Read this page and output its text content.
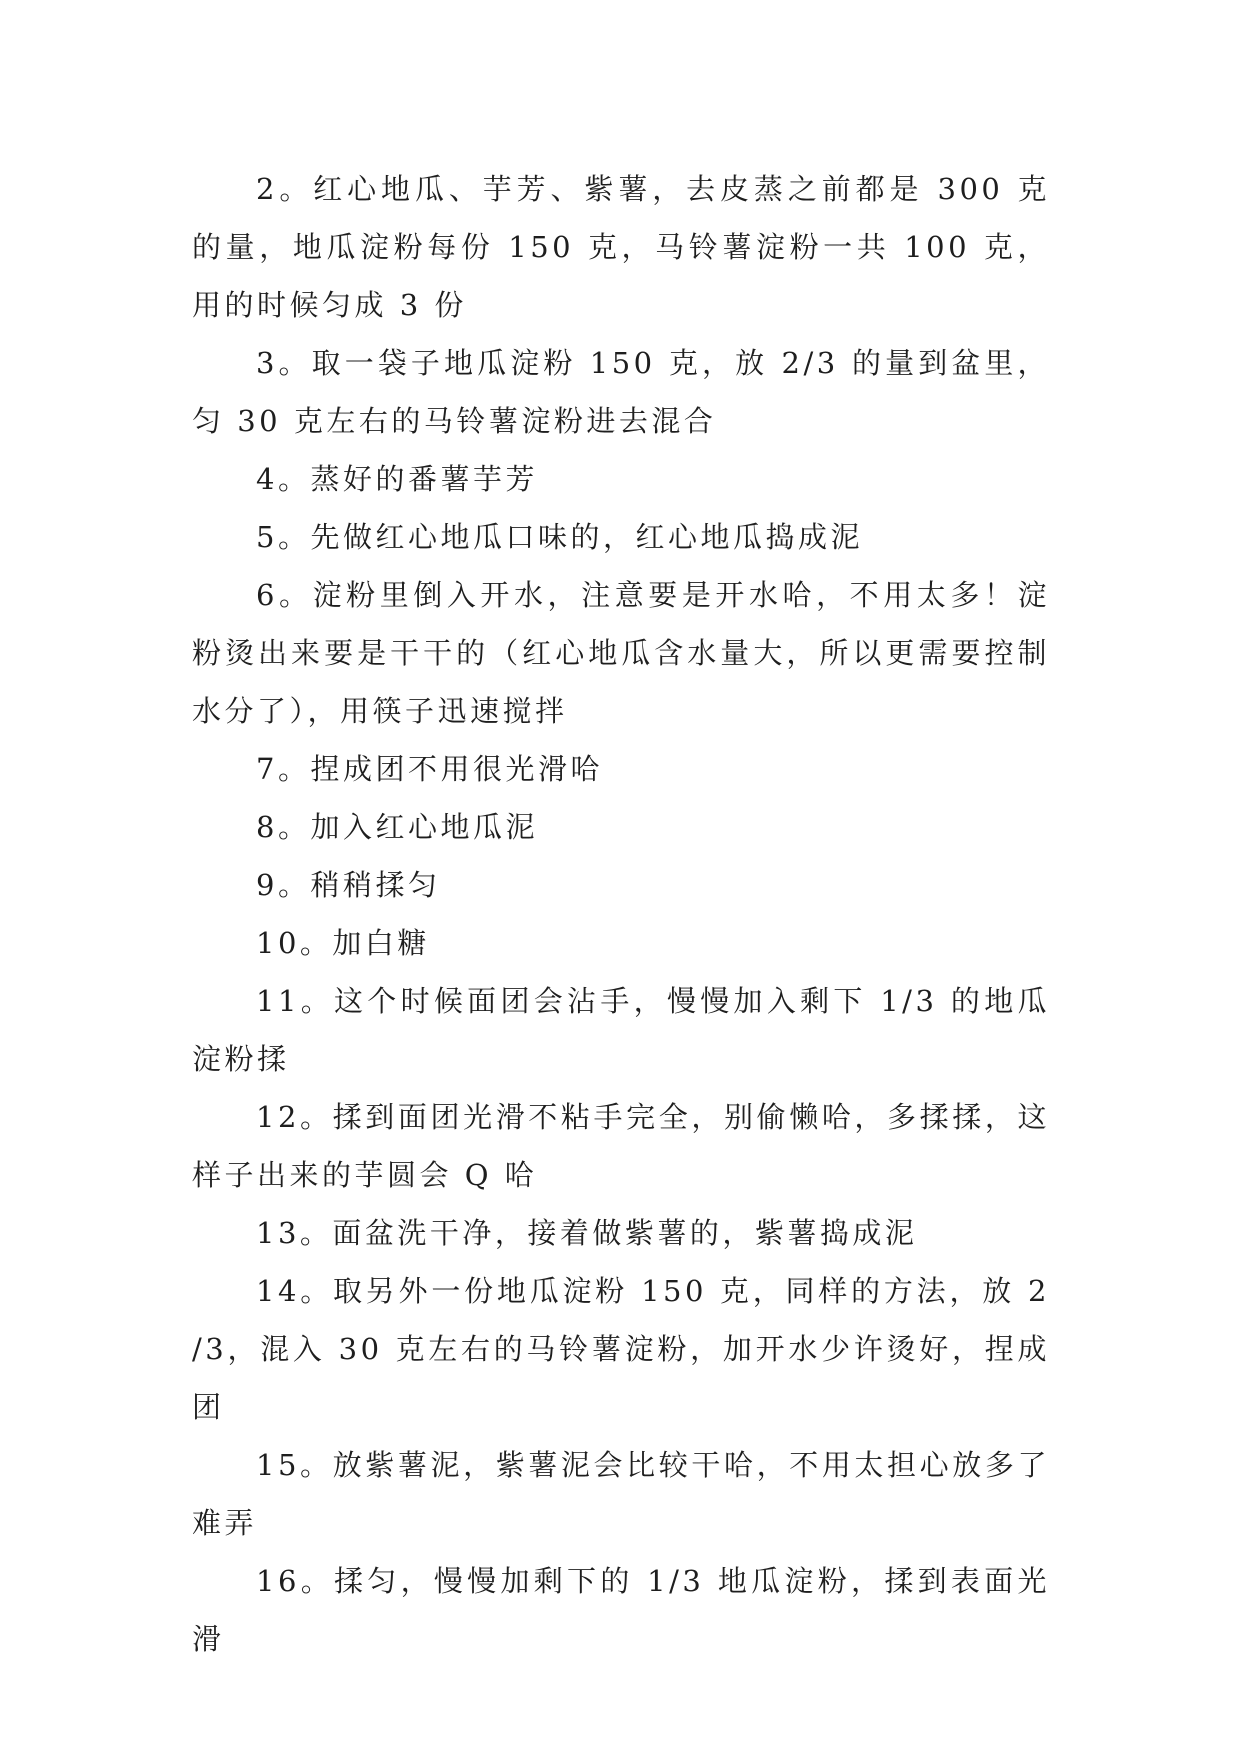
2。红心地瓜、芋芳、紫薯，去皮蒸之前都是 300 克的量，地瓜淀粉每份 150 克，马铃薯淀粉一共 100 克，用的时候匀成 3 份

3。取一袋子地瓜淀粉 150 克，放 2/3 的量到盆里，匀 30 克左右的马铃薯淀粉进去混合

4。蒸好的番薯芋芳

5。先做红心地瓜口味的，红心地瓜捣成泥

6。淀粉里倒入开水，注意要是开水哈，不用太多！淀粉烫出来要是干干的（红心地瓜含水量大，所以更需要控制水分了），用筷子迅速搅拌

7。捏成团不用很光滑哈

8。加入红心地瓜泥

9。稍稍揉匀

10。加白糖

11。这个时候面团会沾手，慢慢加入剩下 1/3 的地瓜淀粉揉

12。揉到面团光滑不粘手完全，别偷懒哈，多揉揉，这样子出来的芋圆会 Q 哈

13。面盆洗干净，接着做紫薯的，紫薯捣成泥

14。取另外一份地瓜淀粉 150 克，同样的方法，放 2/3，混入 30 克左右的马铃薯淀粉，加开水少许烫好，捏成团

15。放紫薯泥，紫薯泥会比较干哈，不用太担心放多了难弄

16。揉匀，慢慢加剩下的 1/3 地瓜淀粉，揉到表面光滑
